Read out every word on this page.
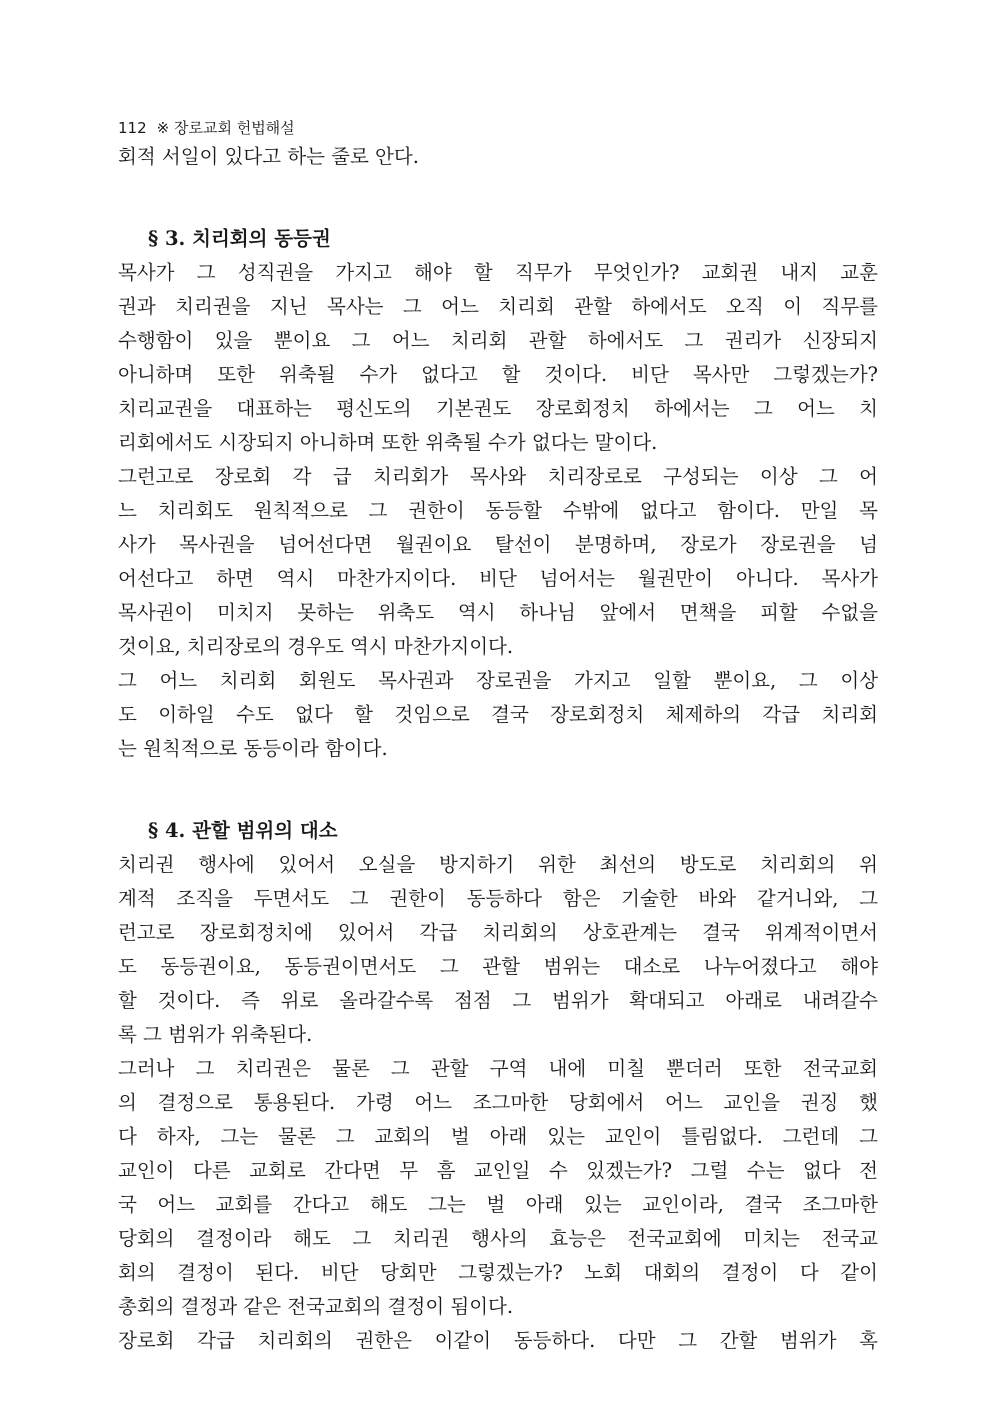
112 ※ 장로교회 헌법해설
회적 서일이 있다고 하는 줄로 안다.
§ 3. 치리회의 동등권
목사가 그 성직권을 가지고 해야 할 직무가 무엇인가? 교회권 내지 교훈
권과 치리권을 지닌 목사는 그 어느 치리회 관할 하에서도 오직 이 직무를
수행함이 있을 뿐이요 그 어느 치리회 관할 하에서도 그 권리가 신장되지
아니하며 또한 위축될 수가 없다고 할 것이다. 비단 목사만 그렇겠는가?
치리교권을 대표하는 평신도의 기본권도 장로회정치 하에서는 그 어느 치
리회에서도 시장되지 아니하며 또한 위축될 수가 없다는 말이다.
그런고로 장로회 각 급 치리회가 목사와 치리장로로 구성되는 이상 그 어
느 치리회도 원칙적으로 그 권한이 동등할 수밖에 없다고 함이다. 만일 목
사가 목사권을 넘어선다면 월권이요 탈선이 분명하며, 장로가 장로권을 넘
어선다고 하면 역시 마찬가지이다. 비단 넘어서는 월권만이 아니다. 목사가
목사권이 미치지 못하는 위축도 역시 하나님 앞에서 면책을 피할 수없을
것이요, 치리장로의 경우도 역시 마찬가지이다.
그 어느 치리회 회원도 목사권과 장로권을 가지고 일할 뿐이요, 그 이상
도 이하일 수도 없다 할 것임으로 결국 장로회정치 체제하의 각급 치리회
는 원칙적으로 동등이라 함이다.
§ 4. 관할 범위의 대소
치리권 행사에 있어서 오실을 방지하기 위한 최선의 방도로 치리회의 위
계적 조직을 두면서도 그 권한이 동등하다 함은 기술한 바와 같거니와, 그
런고로 장로회정치에 있어서 각급 치리회의 상호관계는 결국 위계적이면서
도 동등권이요, 동등권이면서도 그 관할 범위는 대소로 나누어졌다고 해야
할 것이다. 즉 위로 올라갈수록 점점 그 범위가 확대되고 아래로 내려갈수
록 그 범위가 위축된다.
그러나 그 치리권은 물론 그 관할 구역 내에 미칠 뿐더러 또한 전국교회
의 결정으로 통용된다. 가령 어느 조그마한 당회에서 어느 교인을 권징 했
다 하자, 그는 물론 그 교회의 벌 아래 있는 교인이 틀림없다. 그런데 그
교인이 다른 교회로 간다면 무 흠 교인일 수 있겠는가? 그럴 수는 없다 전
국 어느 교회를 간다고 해도 그는 벌 아래 있는 교인이라, 결국 조그마한
당회의 결정이라 해도 그 치리권 행사의 효능은 전국교회에 미치는 전국교
회의 결정이 된다. 비단 당회만 그렇겠는가? 노회 대회의 결정이 다 같이
총회의 결정과 같은 전국교회의 결정이 됨이다.
장로회 각급 치리회의 권한은 이같이 동등하다. 다만 그 간할 범위가 혹
